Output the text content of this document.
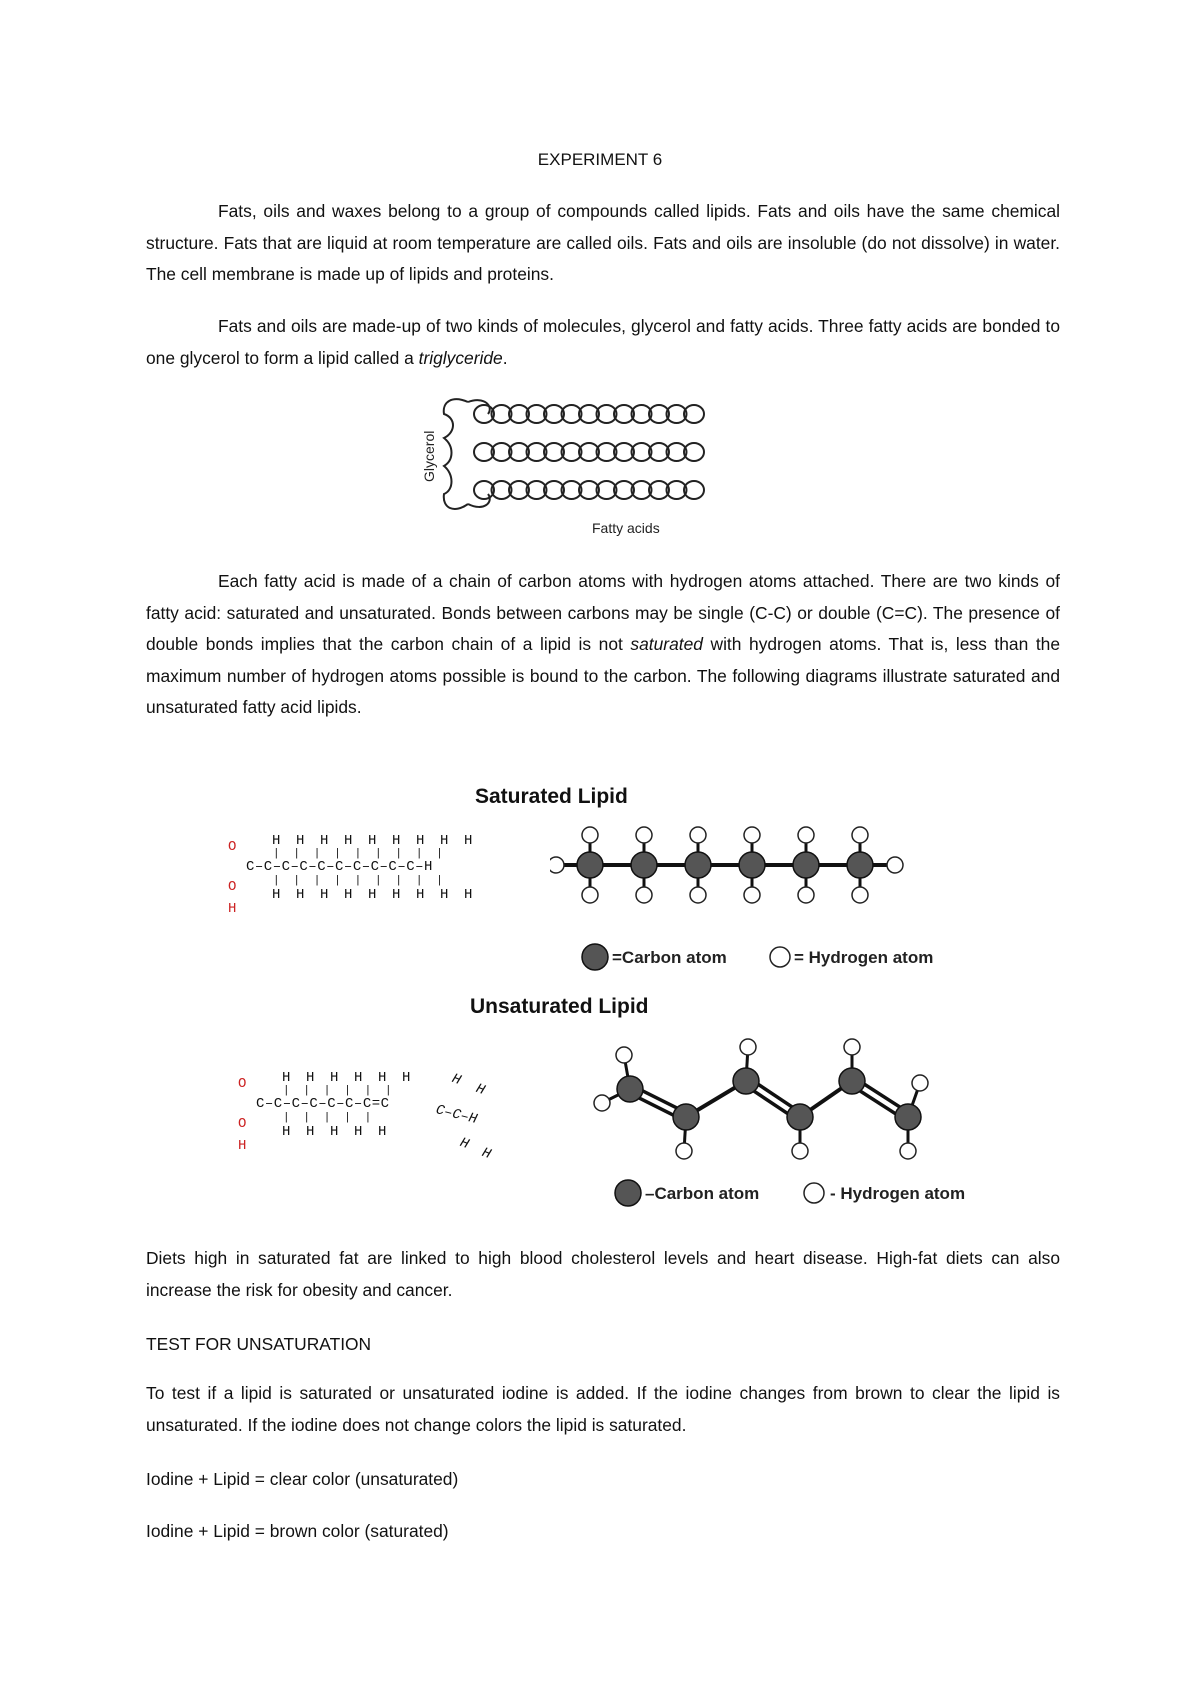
EXPERIMENT 6

Fats, oils and waxes belong to a group of compounds called lipids. Fats and oils have the same chemical structure. Fats that are liquid at room temperature are called oils. Fats and oils are insoluble (do not dissolve) in water. The cell membrane is made up of lipids and proteins.

Fats and oils are made-up of two kinds of molecules, glycerol and fatty acids. Three fatty acids are bonded to one glycerol to form a lipid called a triglyceride.

Glycerol
Fatty acids

Each fatty acid is made of a chain of carbon atoms with hydrogen atoms attached. There are two kinds of fatty acid: saturated and unsaturated. Bonds between carbons may be single (C-C) or double (C=C). The presence of double bonds implies that the carbon chain of a lipid is not saturated with hydrogen atoms. That is, less than the maximum number of hydrogen atoms possible is bound to the carbon. The following diagrams illustrate saturated and unsaturated fatty acid lipids.

Saturated Lipid
O
O
H
H H H H H H H H H
| | | | | | | | |
C–C–C–C–C–C–C–C–C–C–H
| | | | | | | | |
H H H H H H H H H
=Carbon atom	= Hydrogen atom
Unsaturated Lipid
O
O
H
H H H H H H
| | | | | |
C–C–C–C–C–C–C=C
| | | | |
H H H H H
H
H
C–C–H
H
H
–Carbon atom	- Hydrogen atom

Diets high in saturated fat are linked to high blood cholesterol levels and heart disease. High-fat diets can also increase the risk for obesity and cancer.

TEST FOR UNSATURATION

To test if a lipid is saturated or unsaturated iodine is added. If the iodine changes from brown to clear the lipid is unsaturated. If the iodine does not change colors the lipid is saturated.

Iodine + Lipid = clear color (unsaturated)

Iodine + Lipid = brown color (saturated)
